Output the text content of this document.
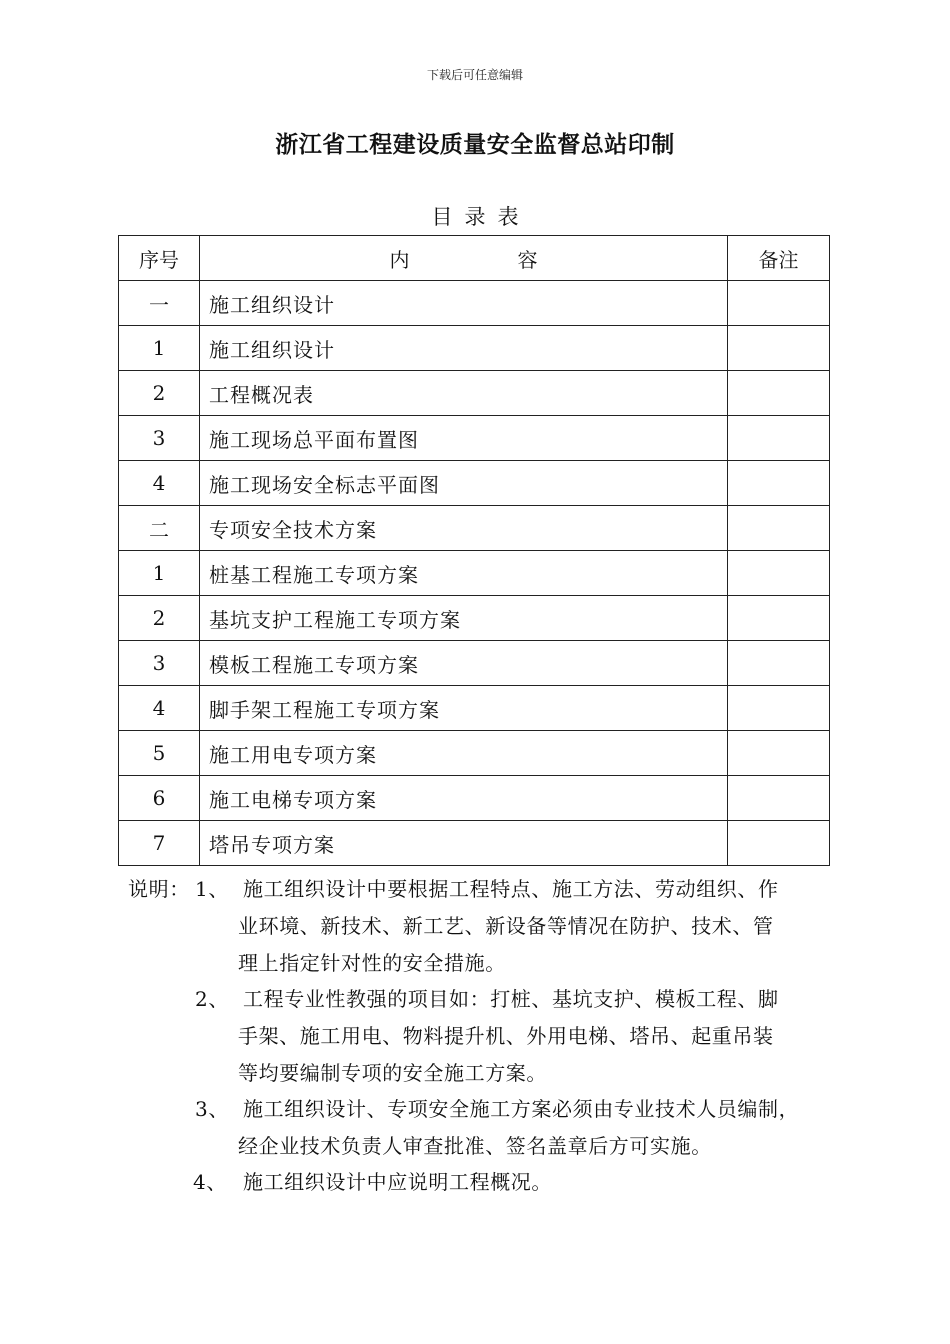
下载后可任意编辑
浙江省工程建设质量安全监督总站印制
目录表
序号	内 容	备注
一	施工组织设计	
1	施工组织设计	
2	工程概况表	
3	施工现场总平面布置图	
4	施工现场安全标志平面图	
二	专项安全技术方案	
1	桩基工程施工专项方案	
2	基坑支护工程施工专项方案	
3	模板工程施工专项方案	
4	脚手架工程施工专项方案	
5	施工用电专项方案	
6	施工电梯专项方案	
7	塔吊专项方案	
说明： 1、 施工组织设计中要根据工程特点、施工方法、劳动组织、作
业环境、新技术、新工艺、新设备等情况在防护、技术、管
理上指定针对性的安全措施。
2、 工程专业性教强的项目如：打桩、基坑支护、模板工程、脚
手架、施工用电、物料提升机、外用电梯、塔吊、起重吊装
等均要编制专项的安全施工方案。
3、 施工组织设计、专项安全施工方案必须由专业技术人员编制，
经企业技术负责人审查批准、签名盖章后方可实施。
4、 施工组织设计中应说明工程概况。
